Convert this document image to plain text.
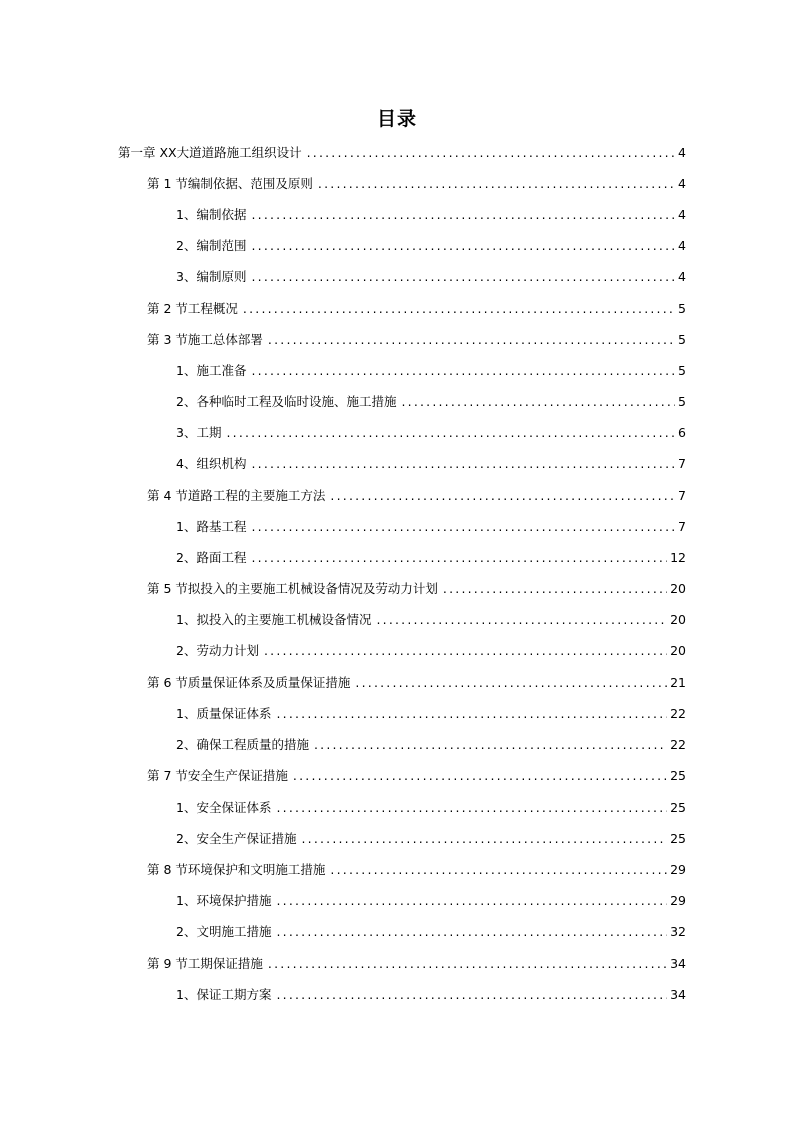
目录
第一章 XX大道道路施工组织设计 .....	4
第 1 节 编制依据、范围及原则 .....	4
1、 编制依据 .....	4
2、 编制范围 .....	4
3、 编制原则 .....	4
第 2 节 工程概况 .....	5
第 3 节 施工总体部署 .....	5
1、 施工准备 .....	5
2、 各种临时工程及临时设施、施工措施 .....	5
3、 工期 .....	6
4、 组织机构 .....	7
第 4 节 道路工程的主要施工方法 .....	7
1、 路基工程 .....	7
2、 路面工程 .....	12
第 5 节 拟投入的主要施工机械设备情况及劳动力计划 .....	20
1、 拟投入的主要施工机械设备情况 .....	20
2、 劳动力计划 .....	20
第 6 节 质量保证体系及质量保证措施 .....	21
1、 质量保证体系 .....	22
2、 确保工程质量的措施 .....	22
第 7 节 安全生产保证措施 .....	25
1、 安全保证体系 .....	25
2、 安全生产保证措施 .....	25
第 8 节 环境保护和文明施工措施 .....	29
1、 环境保护措施 .....	29
2、 文明施工措施 .....	32
第 9 节 工期保证措施 .....	34
1、 保证工期方案 .....	34
